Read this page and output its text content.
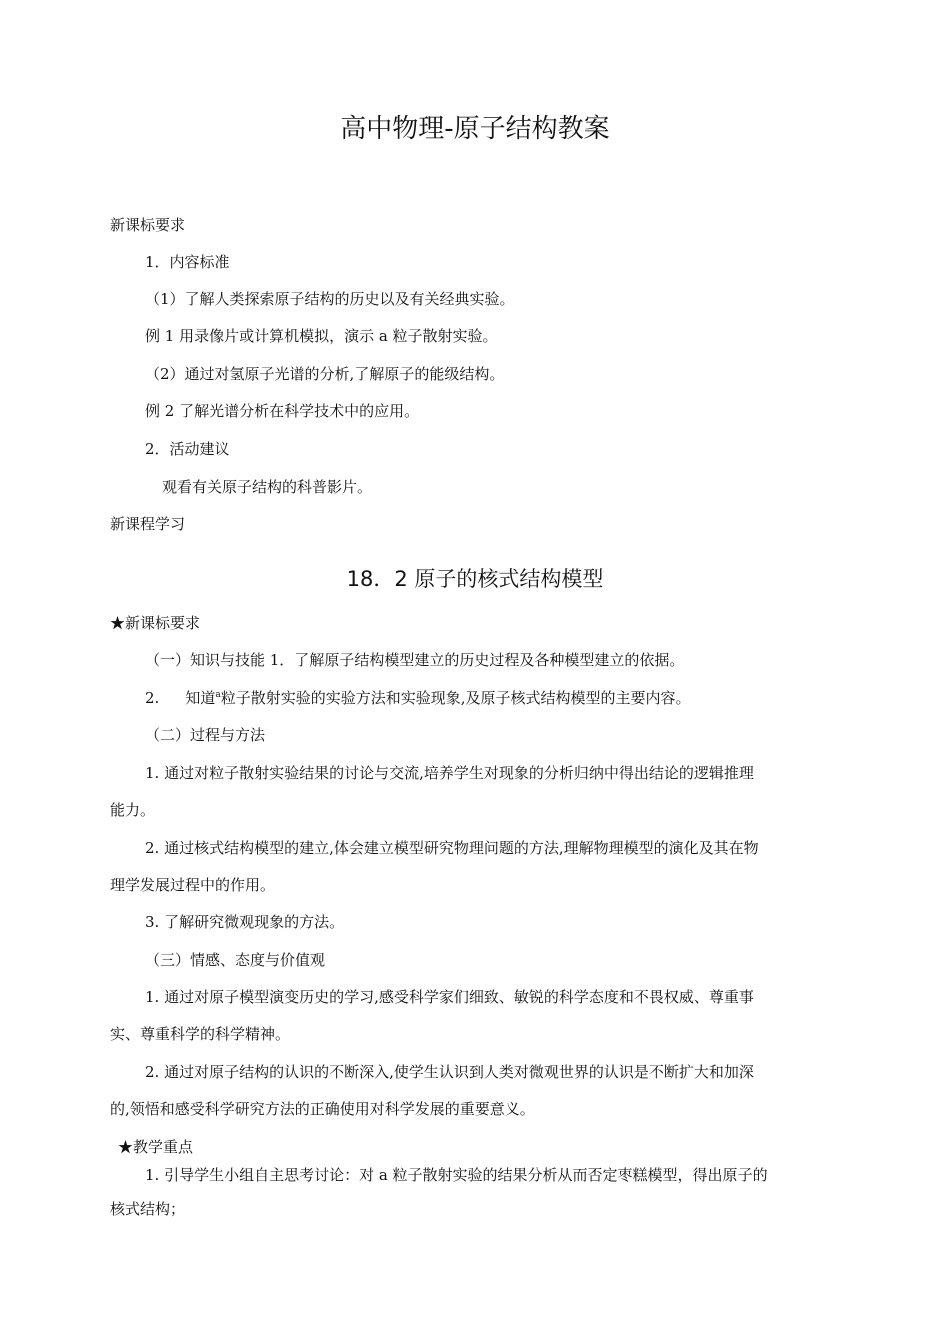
高中物理-原子结构教案
新课标要求
1．内容标准
（1）了解人类探索原子结构的历史以及有关经典实验。
例 1 用录像片或计算机模拟，演示 a 粒子散射实验。
（2）通过对氢原子光谱的分析,了解原子的能级结构。
例 2 了解光谱分析在科学技术中的应用。
2．活动建议
观看有关原子结构的科普影片。
新课程学习
18．2 原子的核式结构模型
★新课标要求
（一）知识与技能 1．了解原子结构模型建立的历史过程及各种模型建立的依据。
2. 知道$^a$粒子散射实验的实验方法和实验现象,及原子核式结构模型的主要内容。
（二）过程与方法
1. 通过对粒子散射实验结果的讨论与交流,培养学生对现象的分析归纳中得出结论的逻辑推理
能力。
2. 通过核式结构模型的建立,体会建立模型研究物理问题的方法,理解物理模型的演化及其在物
理学发展过程中的作用。
3. 了解研究微观现象的方法。
（三）情感、态度与价值观
1. 通过对原子模型演变历史的学习,感受科学家们细致、敏锐的科学态度和不畏权威、尊重事
实、尊重科学的科学精神。
2. 通过对原子结构的认识的不断深入,使学生认识到人类对微观世界的认识是不断扩大和加深
的,领悟和感受科学研究方法的正确使用对科学发展的重要意义。
★教学重点
1. 引导学生小组自主思考讨论：对 a 粒子散射实验的结果分析从而否定枣糕模型，得出原子的
核式结构；
